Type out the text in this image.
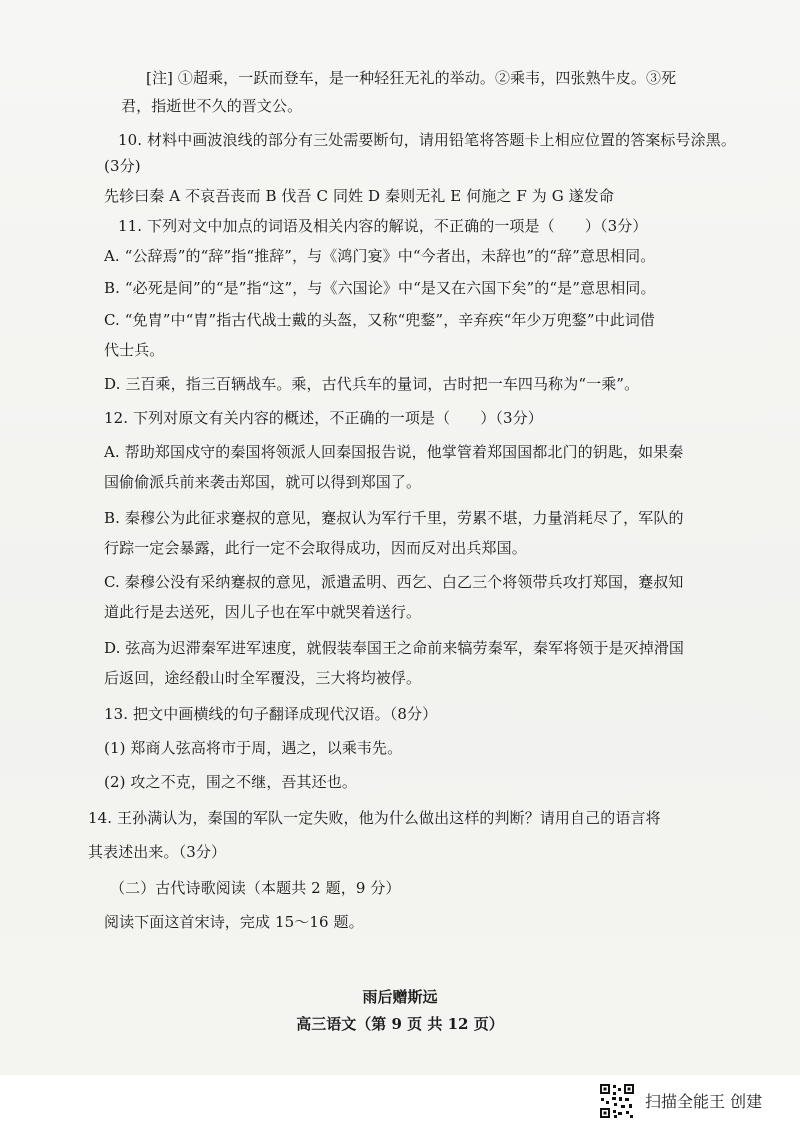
[注] ①超乘，一跃而登车，是一种轻狂无礼的举动。②乘韦，四张熟牛皮。③死
君，指逝世不久的晋文公。
10. 材料中画波浪线的部分有三处需要断句，请用铅笔将答题卡上相应位置的答案标号涂黑。
(3分)
先轸曰秦 A 不哀吾丧而 B 伐吾 C 同姓 D 秦则无礼 E 何施之 F 为 G 遂发命
11. 下列对文中加点的词语及相关内容的解说，不正确的一项是（　　）（3分）
A. “公辞焉”的“辞”指“推辞”，与《鸿门宴》中“今者出，未辞也”的“辞”意思相同。
B. “必死是间”的“是”指“这”，与《六国论》中“是又在六国下矣”的“是”意思相同。
C. “免胄”中“胄”指古代战士戴的头盔，又称“兜鍪”，辛弃疾“年少万兜鍪”中此词借
代士兵。
D. 三百乘，指三百辆战车。乘，古代兵车的量词，古时把一车四马称为“一乘”。
12. 下列对原文有关内容的概述，不正确的一项是（　　）（3分）
A. 帮助郑国戍守的秦国将领派人回秦国报告说，他掌管着郑国国都北门的钥匙，如果秦
国偷偷派兵前来袭击郑国，就可以得到郑国了。
B. 秦穆公为此征求蹇叔的意见，蹇叔认为军行千里，劳累不堪，力量消耗尽了，军队的
行踪一定会暴露，此行一定不会取得成功，因而反对出兵郑国。
C. 秦穆公没有采纳蹇叔的意见，派遣孟明、西乞、白乙三个将领带兵攻打郑国，蹇叔知
道此行是去送死，因儿子也在军中就哭着送行。
D. 弦高为迟滞秦军进军速度，就假装奉国王之命前来犒劳秦军，秦军将领于是灭掉滑国
后返回，途经殽山时全军覆没，三大将均被俘。
13. 把文中画横线的句子翻译成现代汉语。（8分）
(1) 郑商人弦高将市于周，遇之，以乘韦先。
(2) 攻之不克，围之不继，吾其还也。
14. 王孙满认为，秦国的军队一定失败，他为什么做出这样的判断？请用自己的语言将
其表述出来。（3分）
（二）古代诗歌阅读（本题共 2 题，9 分）
阅读下面这首宋诗，完成 15～16 题。
雨后赠斯远
高三语文（第 9 页 共 12 页）
扫描全能王 创建
